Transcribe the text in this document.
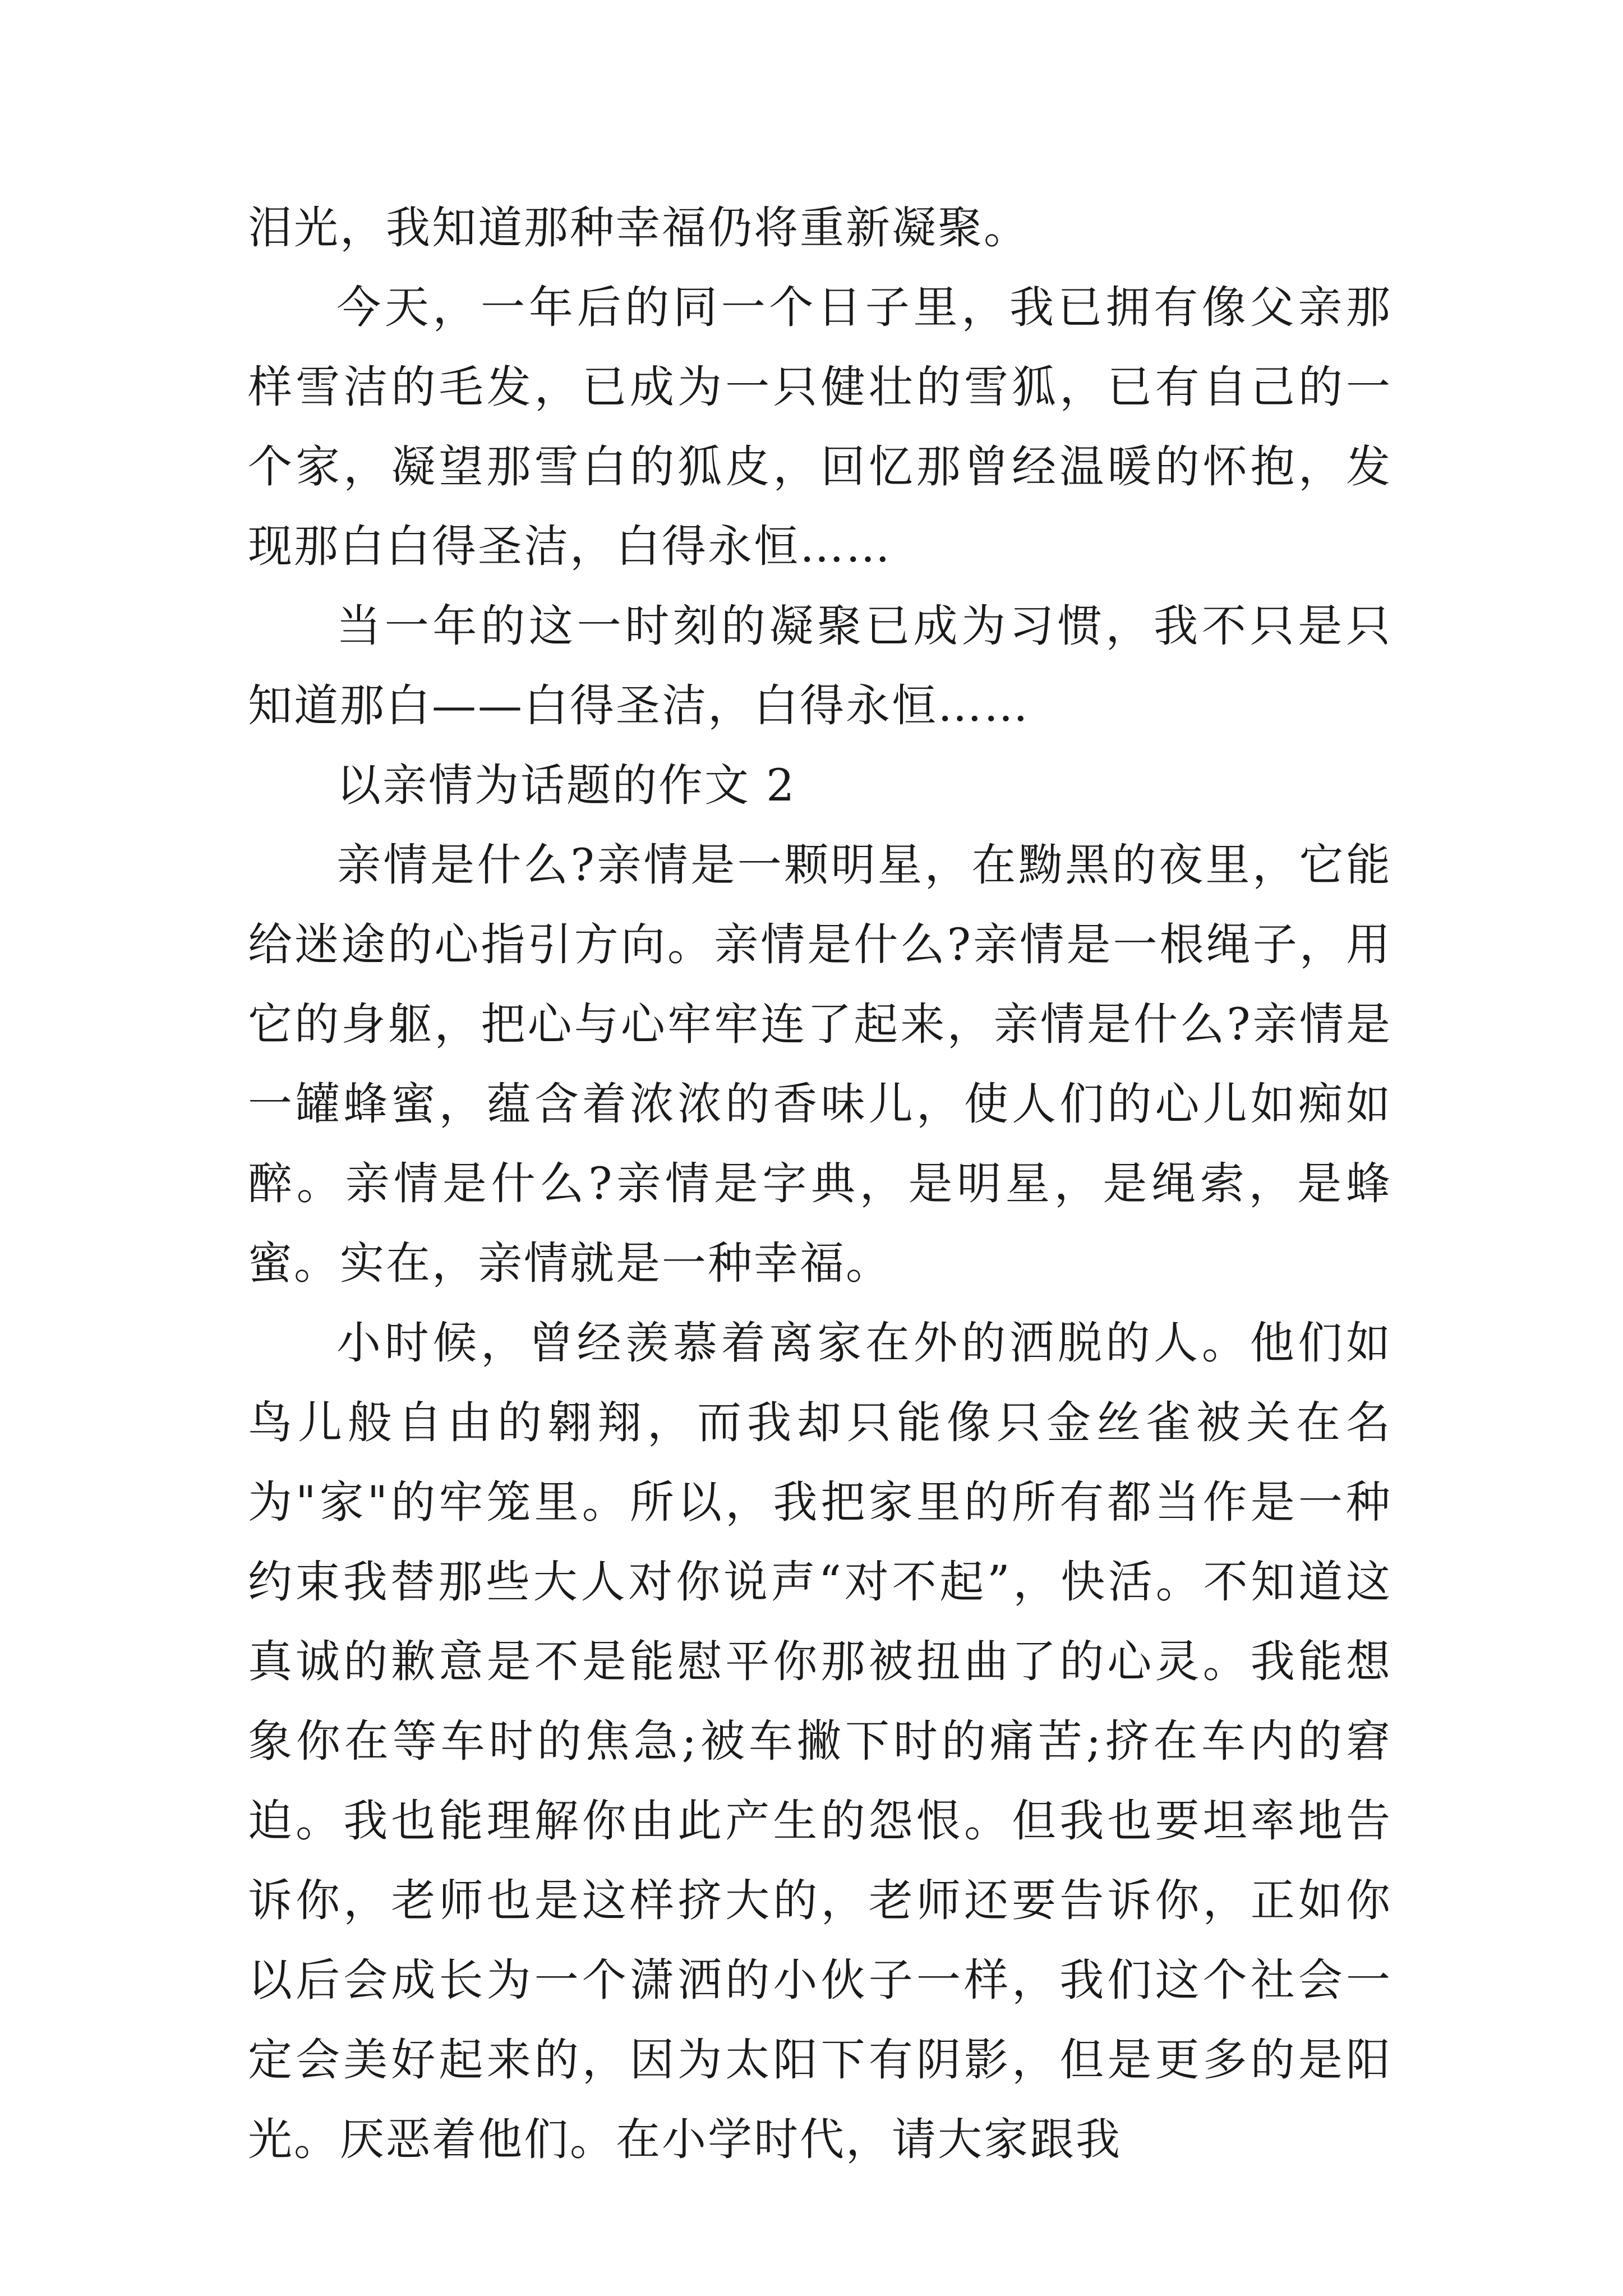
泪光，我知道那种幸福仍将重新凝聚。

今天，一年后的同一个日子里，我已拥有像父亲那样雪洁的毛发，已成为一只健壮的雪狐，已有自己的一个家，凝望那雪白的狐皮，回忆那曾经温暖的怀抱，发现那白白得圣洁，白得永恒……

当一年的这一时刻的凝聚已成为习惯，我不只是只知道那白——白得圣洁，白得永恒……

以亲情为话题的作文 2

亲情是什么?亲情是一颗明星，在黝黑的夜里，它能给迷途的心指引方向。亲情是什么?亲情是一根绳子，用它的身躯，把心与心牢牢连了起来，亲情是什么?亲情是一罐蜂蜜，蕴含着浓浓的香味儿，使人们的心儿如痴如醉。亲情是什么?亲情是字典，是明星，是绳索，是蜂蜜。实在，亲情就是一种幸福。

小时候，曾经羡慕着离家在外的洒脱的人。他们如鸟儿般自由的翱翔，而我却只能像只金丝雀被关在名为"家"的牢笼里。所以，我把家里的所有都当作是一种约束我替那些大人对你说声“对不起”，快活。不知道这真诚的歉意是不是能慰平你那被扭曲了的心灵。我能想象你在等车时的焦急;被车撇下时的痛苦;挤在车内的窘迫。我也能理解你由此产生的怨恨。但我也要坦率地告诉你，老师也是这样挤大的，老师还要告诉你，正如你以后会成长为一个潇洒的小伙子一样，我们这个社会一定会美好起来的，因为太阳下有阴影，但是更多的是阳光。厌恶着他们。在小学时代，请大家跟我
